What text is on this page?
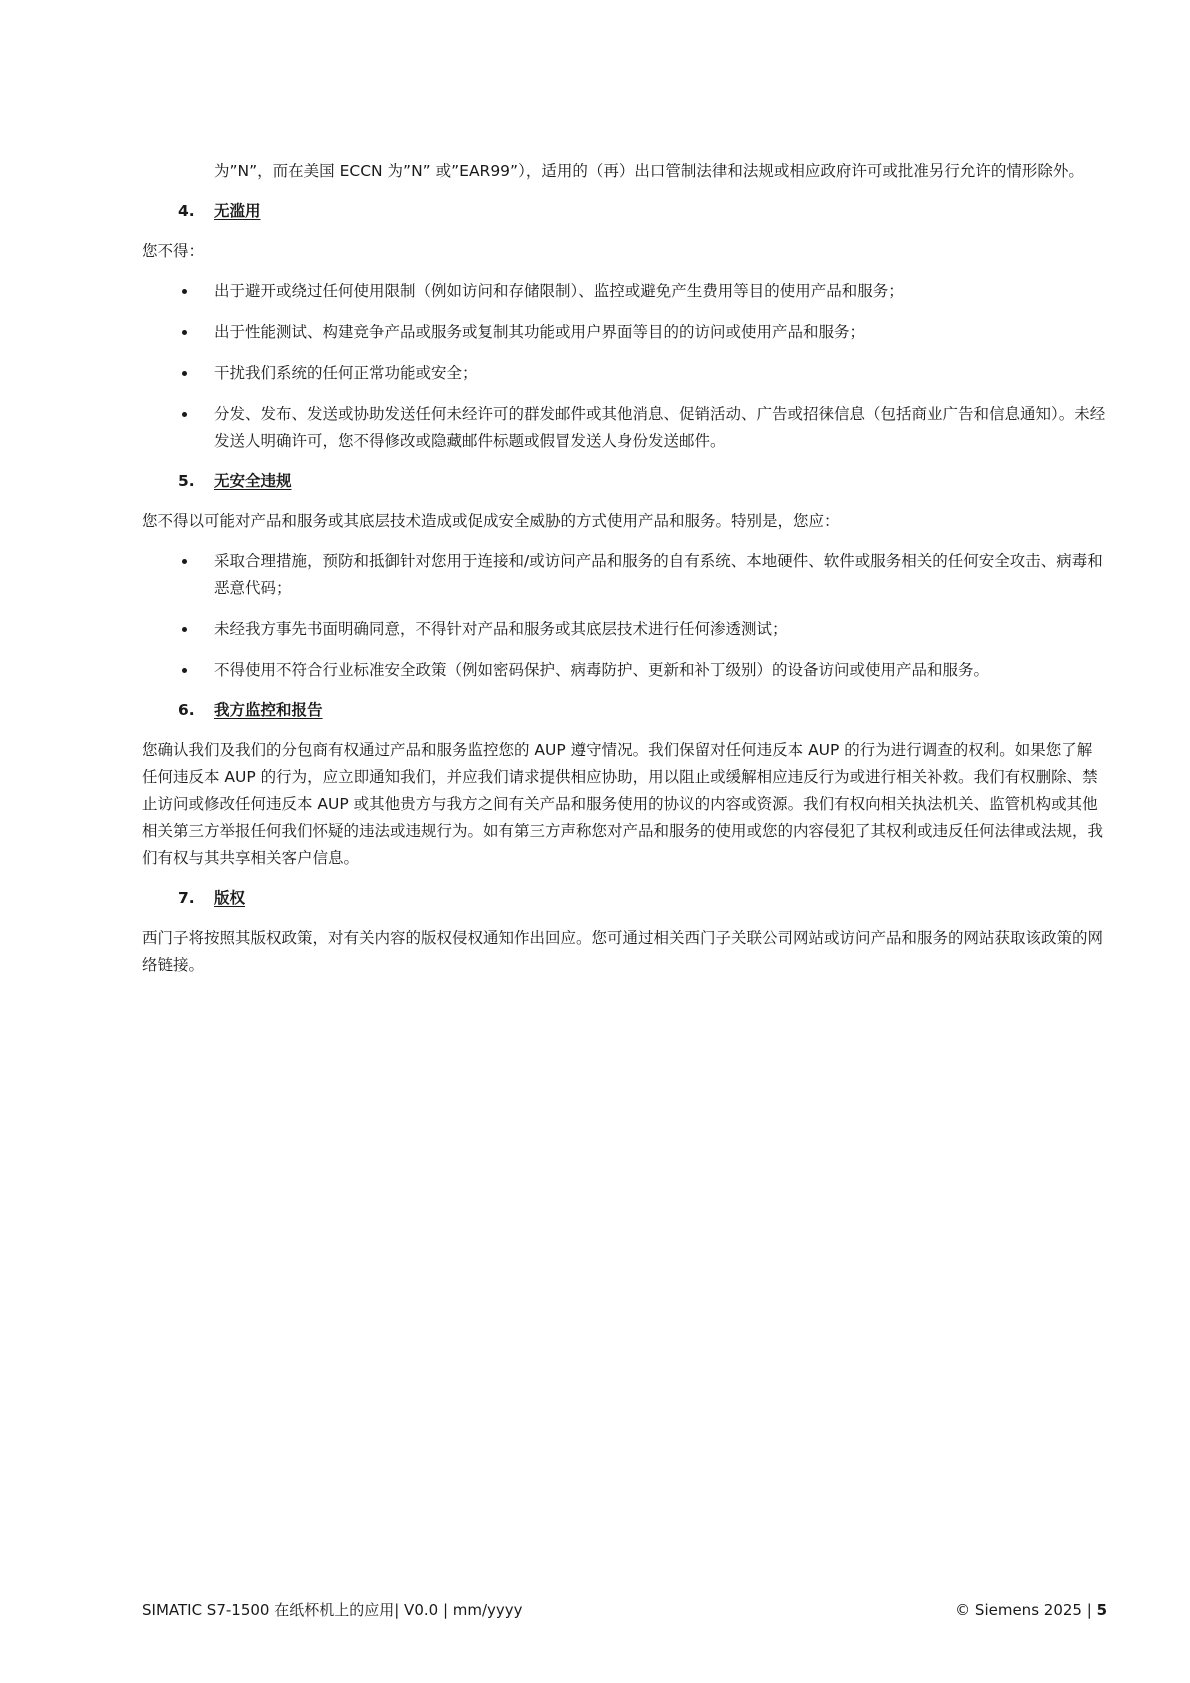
为”N”，而在美国 ECCN 为”N” 或”EAR99”），适用的（再）出口管制法律和法规或相应政府许可或批准另行允许的情形除外。

4.	无滥用

您不得：

出于避开或绕过任何使用限制（例如访问和存储限制）、监控或避免产生费用等目的使用产品和服务；
出于性能测试、构建竞争产品或服务或复制其功能或用户界面等目的的访问或使用产品和服务；
干扰我们系统的任何正常功能或安全；
分发、发布、发送或协助发送任何未经许可的群发邮件或其他消息、促销活动、广告或招徕信息（包括商业广告和信息通知）。未经发送人明确许可，您不得修改或隐藏邮件标题或假冒发送人身份发送邮件。
5.	无安全违规

您不得以可能对产品和服务或其底层技术造成或促成安全威胁的方式使用产品和服务。特别是，您应：

采取合理措施，预防和抵御针对您用于连接和/或访问产品和服务的自有系统、本地硬件、软件或服务相关的任何安全攻击、病毒和恶意代码；
未经我方事先书面明确同意，不得针对产品和服务或其底层技术进行任何渗透测试；
不得使用不符合行业标准安全政策（例如密码保护、病毒防护、更新和补丁级别）的设备访问或使用产品和服务。
6.	我方监控和报告

您确认我们及我们的分包商有权通过产品和服务监控您的 AUP 遵守情况。我们保留对任何违反本 AUP 的行为进行调查的权利。如果您了解任何违反本 AUP 的行为，应立即通知我们，并应我们请求提供相应协助，用以阻止或缓解相应违反行为或进行相关补救。我们有权删除、禁止访问或修改任何违反本 AUP 或其他贵方与我方之间有关产品和服务使用的协议的内容或资源。我们有权向相关执法机关、监管机构或其他相关第三方举报任何我们怀疑的违法或违规行为。如有第三方声称您对产品和服务的使用或您的内容侵犯了其权利或违反任何法律或法规，我们有权与其共享相关客户信息。

7.	版权

西门子将按照其版权政策，对有关内容的版权侵权通知作出回应。您可通过相关西门子关联公司网站或访问产品和服务的网站获取该政策的网络链接。

SIMATIC S7-1500 在纸杯机上的应用| V0.0 | mm/yyyy	© Siemens 2025 | 5
